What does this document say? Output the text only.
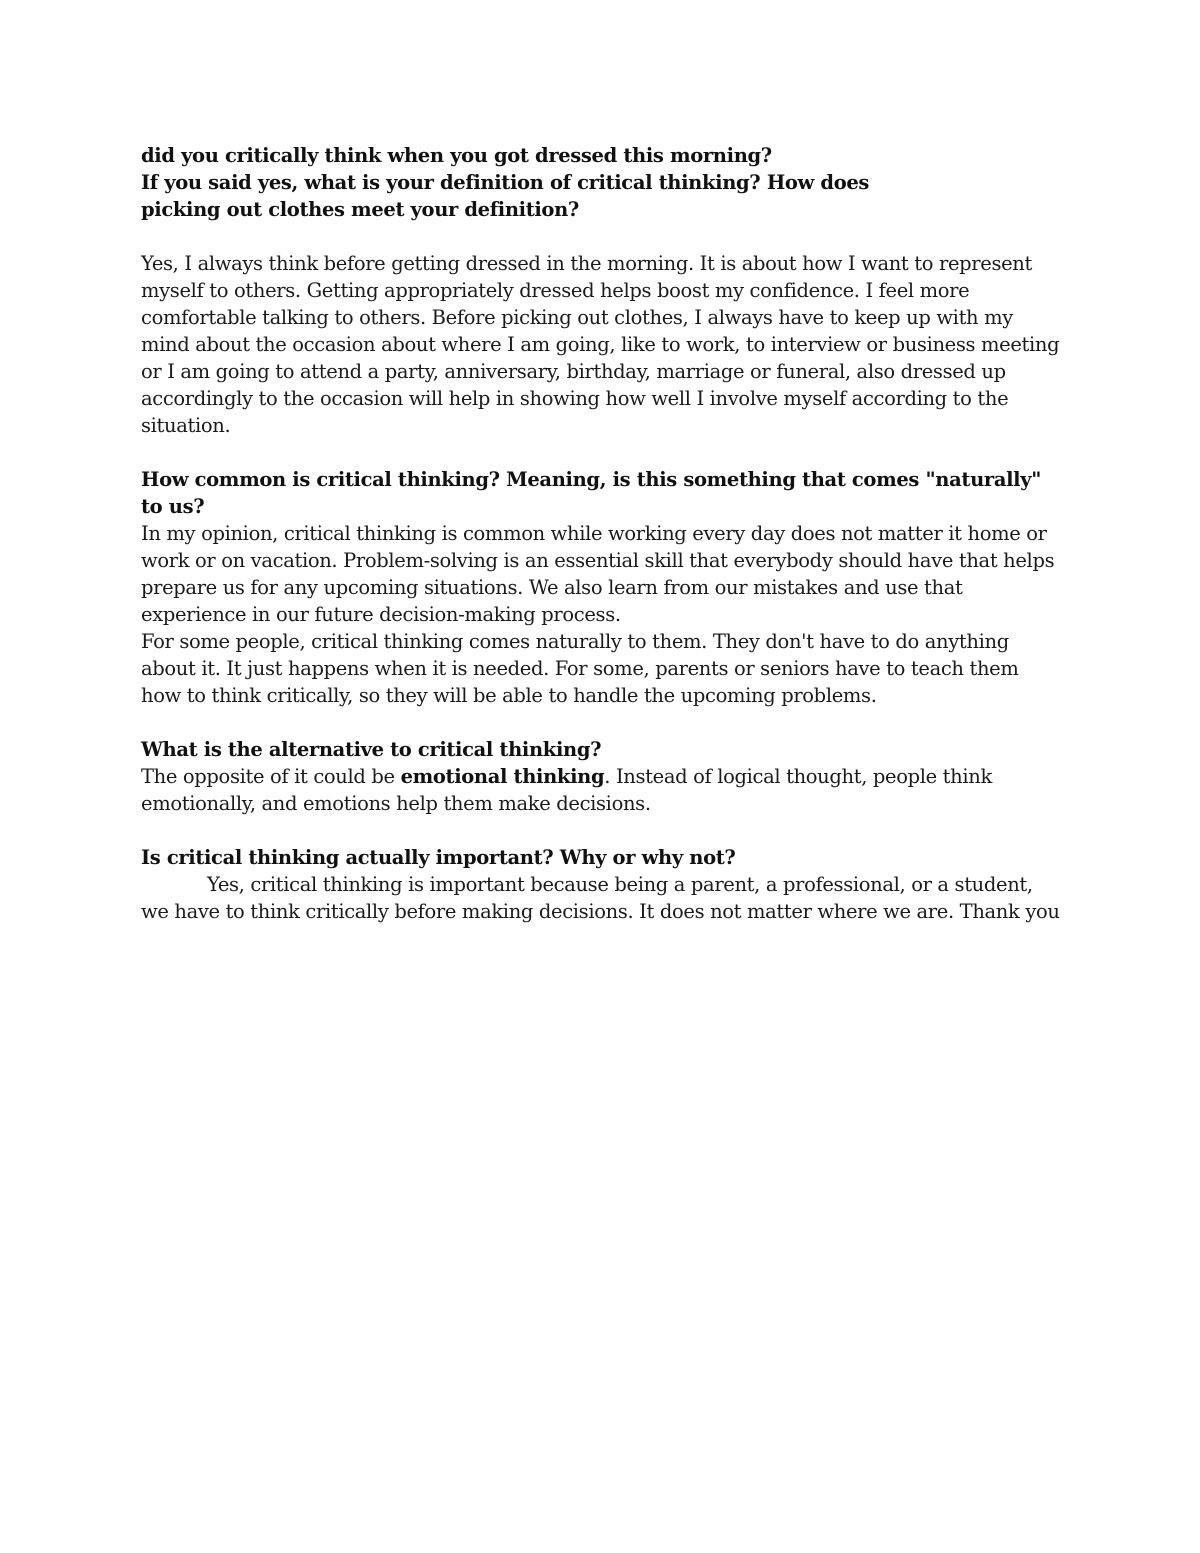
did you critically think when you got dressed this morning?

If you said yes, what is your definition of critical thinking? How does

picking out clothes meet your definition?

Yes, I always think before getting dressed in the morning. It is about how I want to represent myself to others. Getting appropriately dressed helps boost my confidence. I feel more comfortable talking to others. Before picking out clothes, I always have to keep up with my mind about the occasion about where I am going, like to work, to interview or business meeting or I am going to attend a party, anniversary, birthday, marriage or funeral, also dressed up accordingly to the occasion will help in showing how well I involve myself according to the situation.

How common is critical thinking? Meaning, is this something that comes "naturally" to us?

In my opinion, critical thinking is common while working every day does not matter it home or work or on vacation. Problem-solving is an essential skill that everybody should have that helps prepare us for any upcoming situations. We also learn from our mistakes and use that experience in our future decision-making process.

For some people, critical thinking comes naturally to them. They don't have to do anything about it. It just happens when it is needed. For some, parents or seniors have to teach them how to think critically, so they will be able to handle the upcoming problems.

What is the alternative to critical thinking?

The opposite of it could be emotional thinking. Instead of logical thought, people think emotionally, and emotions help them make decisions.

Is critical thinking actually important? Why or why not?

Yes, critical thinking is important because being a parent, a professional, or a student, we have to think critically before making decisions. It does not matter where we are. Thank you
